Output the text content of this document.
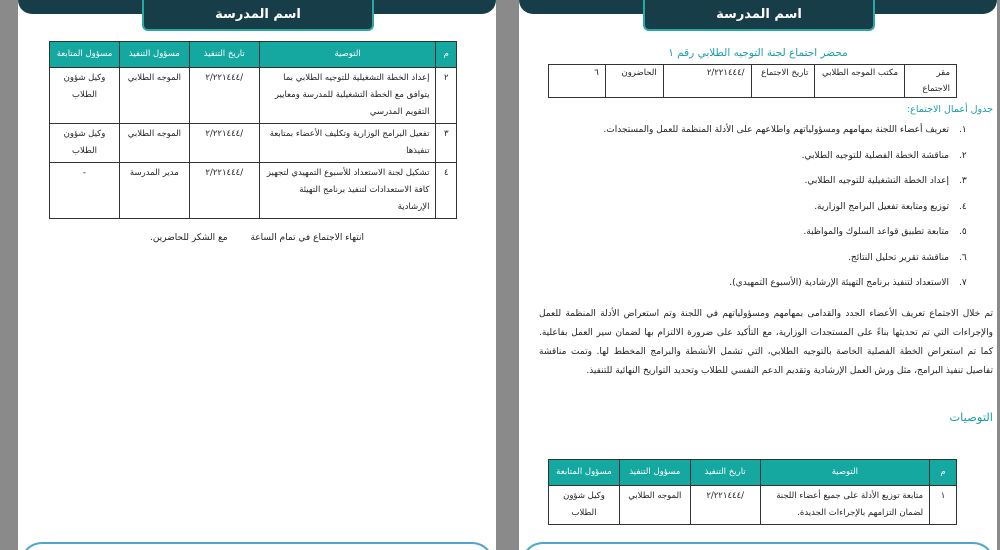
اسم المدرسة
م	التوصية	تاريخ التنفيذ	مسؤول التنفيذ	مسؤول المتابعة
٢	إعداد الخطة التشغيلية للتوجيه الطلابي بما يتوافق مع الخطة التشغيلية للمدرسة ومعايير التقويم المدرسي	/٢/٢٢١٤٤٤	الموجه الطلابي	وكيل شؤون الطلاب
٣	تفعيل البرامج الوزارية وتكليف الأعضاء بمتابعة تنفيذها	/٢/٢٢١٤٤٤	الموجه الطلابي	وكيل شؤون الطلاب
٤	تشكيل لجنة الاستعداد للأسبوع التمهيدي لتجهيز كافة الاستعدادات لتنفيذ برنامج التهيئة الإرشادية	/٢/٢٢١٤٤٤	مدير المدرسة	-
انتهاء الاجتماع في تمام الساعة مع الشكر للحاضرين.
اسم المدرسة
محضر اجتماع لجنة التوجيه الطلابي رقم ١
مقر الاجتماع	مكتب الموجه الطلابي	تاريخ الاجتماع	/٢/٢٢١٤٤٤	الحاضرون	٦
جدول أعمال الاجتماع:
١.
تعريف أعضاء اللجنة بمهامهم ومسؤولياتهم واطلاعهم على الأدلة المنظمة للعمل والمستجدات.
٢.
مناقشة الخطة الفصلية للتوجيه الطلابي.
٣.
إعداد الخطة التشغيلية للتوجيه الطلابي.
٤.
توزيع ومتابعة تفعيل البرامج الوزارية.
٥.
متابعة تطبيق قواعد السلوك والمواظبة.
٦.
مناقشة تقرير تحليل النتائج.
٧.
الاستعداد لتنفيذ برنامج التهيئة الإرشادية (الأسبوع التمهيدي).

تم خلال الاجتماع تعريف الأعضاء الجدد والقدامى بمهامهم ومسؤولياتهم في اللجنة وتم استعراض الأدلة المنظمة للعمل والإجراءات التي تم تحديثها بناءً على المستجدات الوزارية، مع التأكيد على ضرورة الالتزام بها لضمان سير العمل بفاعلية. كما تم استعراض الخطة الفصلية الخاصة بالتوجيه الطلابي، التي تشمل الأنشطة والبرامج المخطط لها. وتمت مناقشة تفاصيل تنفيذ البرامج، مثل ورش العمل الإرشادية وتقديم الدعم النفسي للطلاب وتحديد التواريخ النهائية للتنفيذ.

التوصيات
م	التوصية	تاريخ التنفيذ	مسؤول التنفيذ	مسؤول المتابعة
١	متابعة توزيع الأدلة على جميع أعضاء اللجنة لضمان التزامهم بالإجراءات الجديدة.	/٢/٢٢١٤٤٤	الموجه الطلابي	وكيل شؤون الطلاب
